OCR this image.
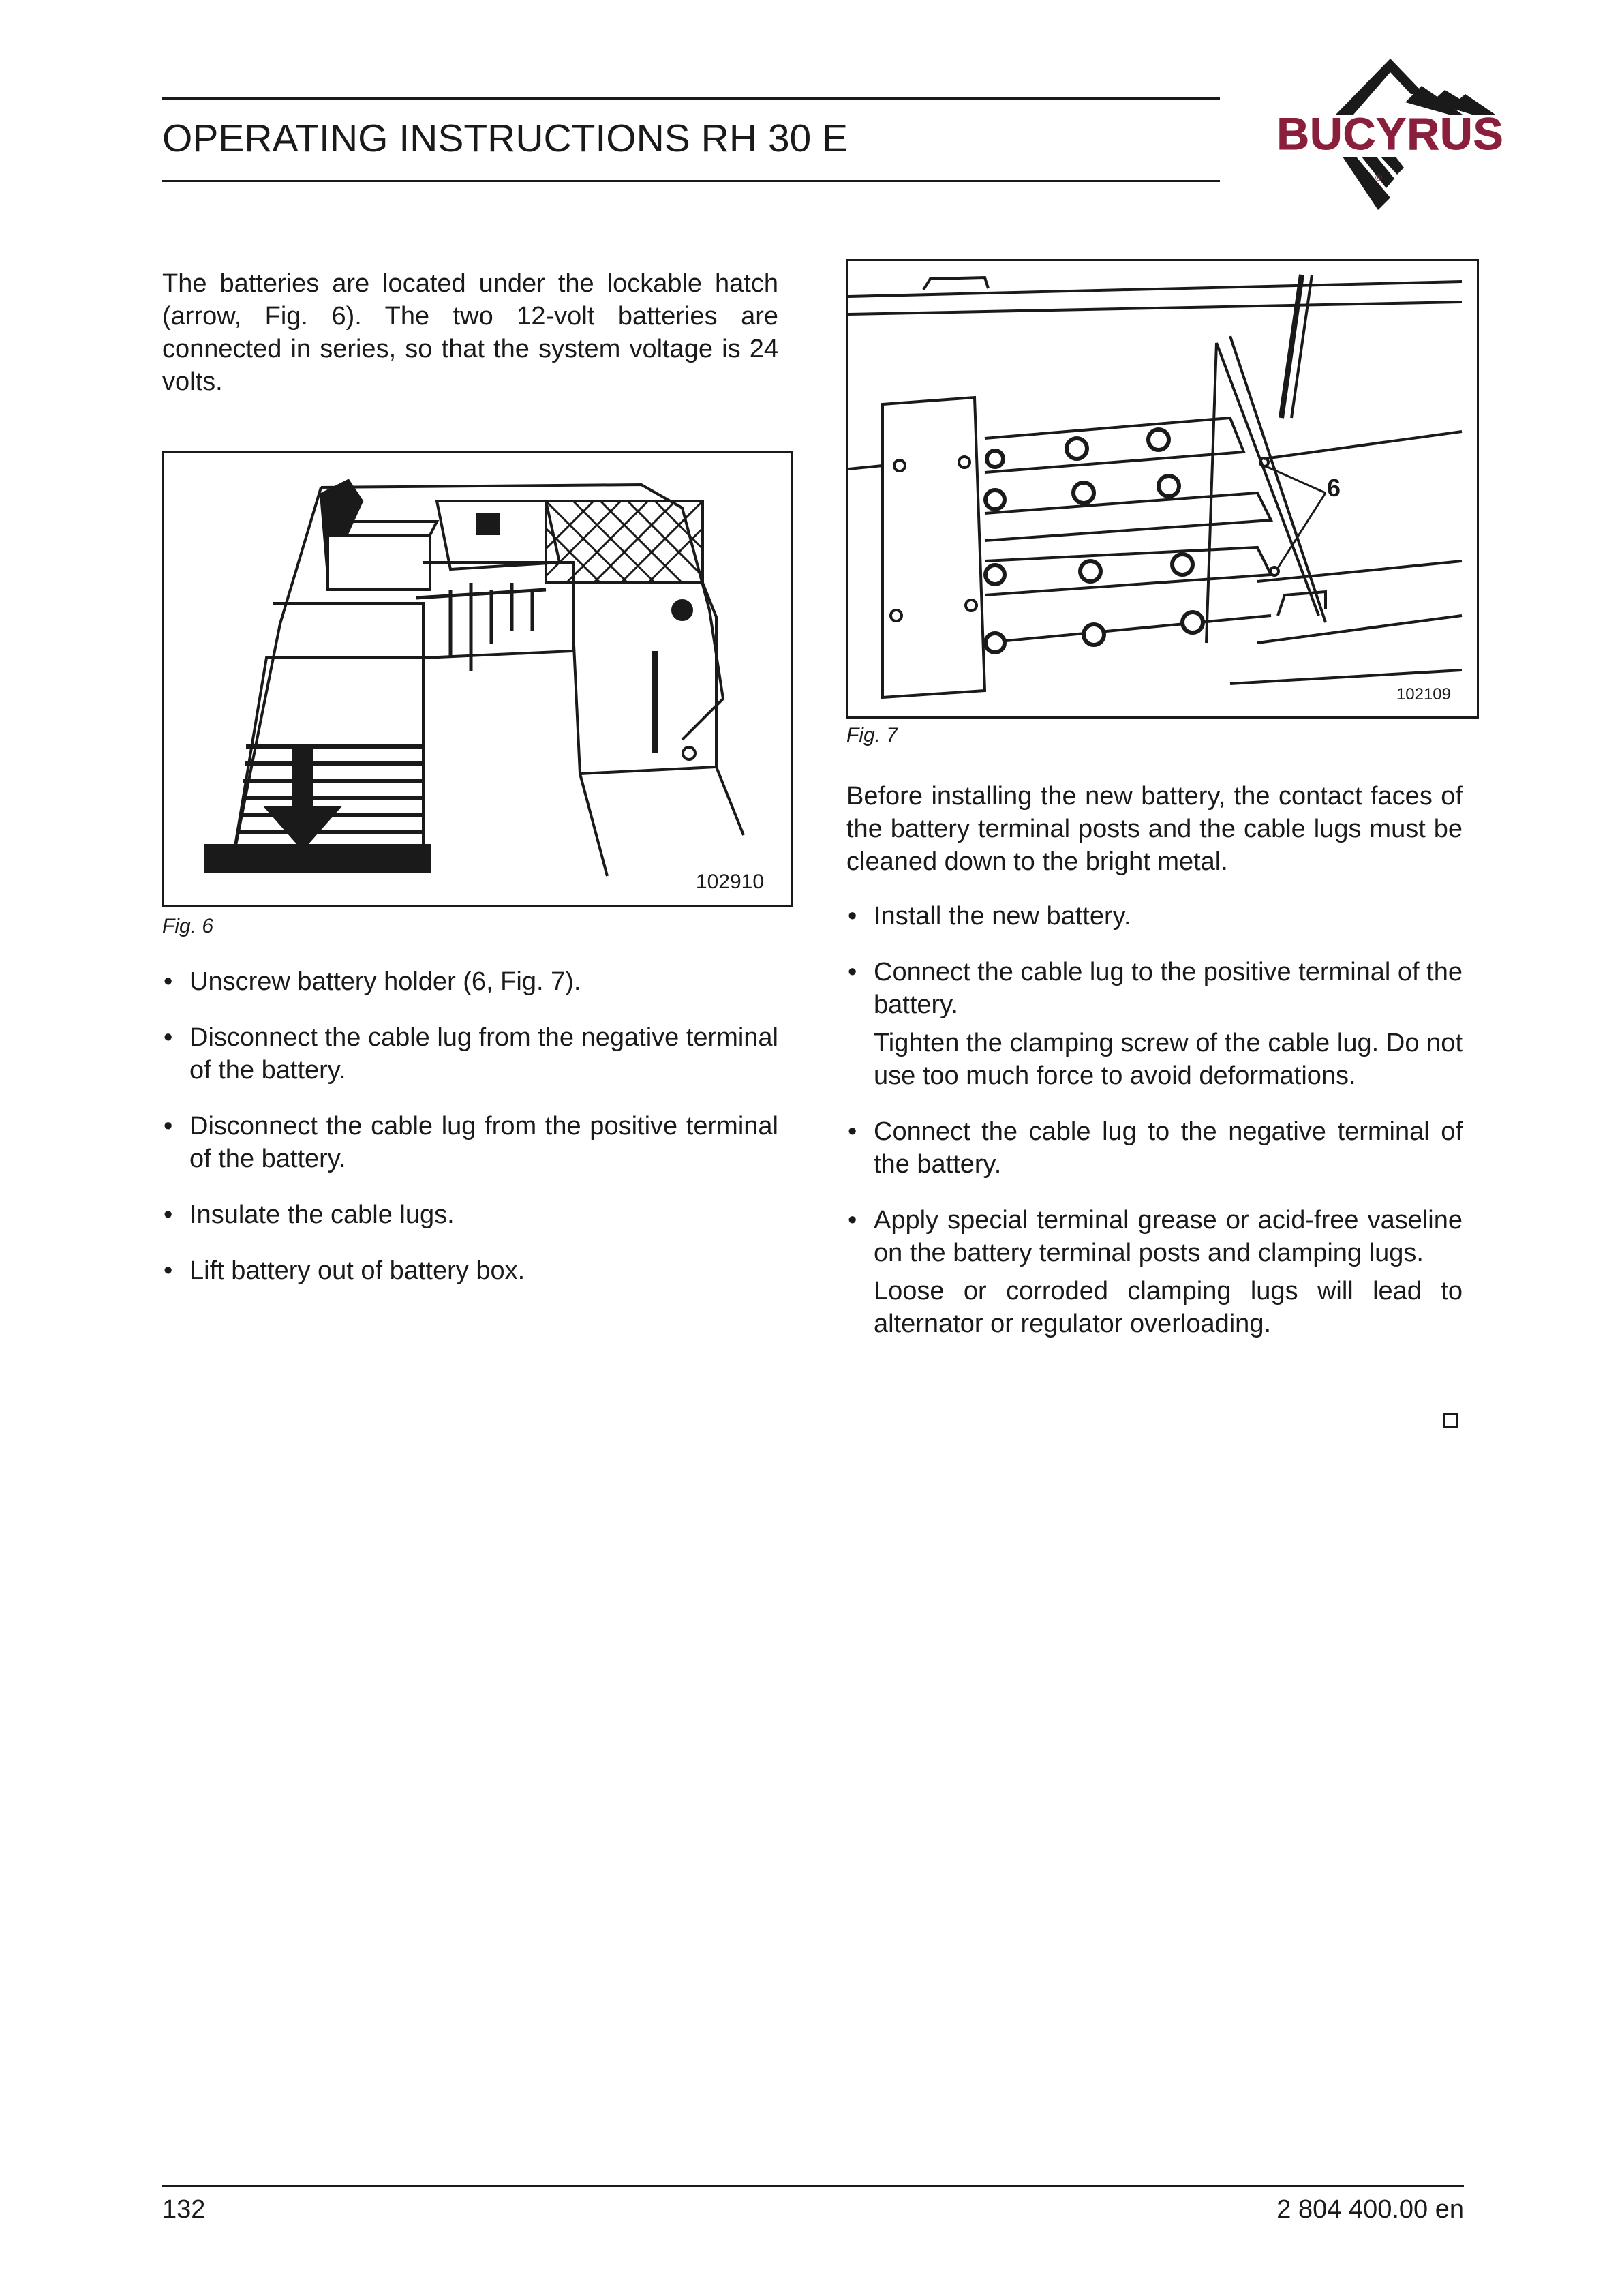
OPERATING INSTRUCTIONS RH 30 E
®
BUCYRUS

The batteries are located under the lockable hatch (arrow, Fig. 6). The two 12-volt batteries are connected in series, so that the system voltage is 24 volts.

102910
Fig. 6
• Unscrew battery holder (6, Fig. 7).
• Disconnect the cable lug from the negative terminal of the battery.
• Disconnect the cable lug from the positive terminal of the battery.
• Insulate the cable lugs.
• Lift battery out of battery box.
6
102109
Fig. 7

Before installing the new battery, the contact faces of the battery terminal posts and the cable lugs must be cleaned down to the bright metal.

• Install the new battery.
• Connect the cable lug to the positive terminal of the battery.
Tighten the clamping screw of the cable lug. Do not use too much force to avoid deformations.
• Connect the cable lug to the negative terminal of the battery.
• Apply special terminal grease or acid-free vaseline on the battery terminal posts and clamping lugs.
Loose or corroded clamping lugs will lead to alternator or regulator overloading.
132	2 804 400.00 en
